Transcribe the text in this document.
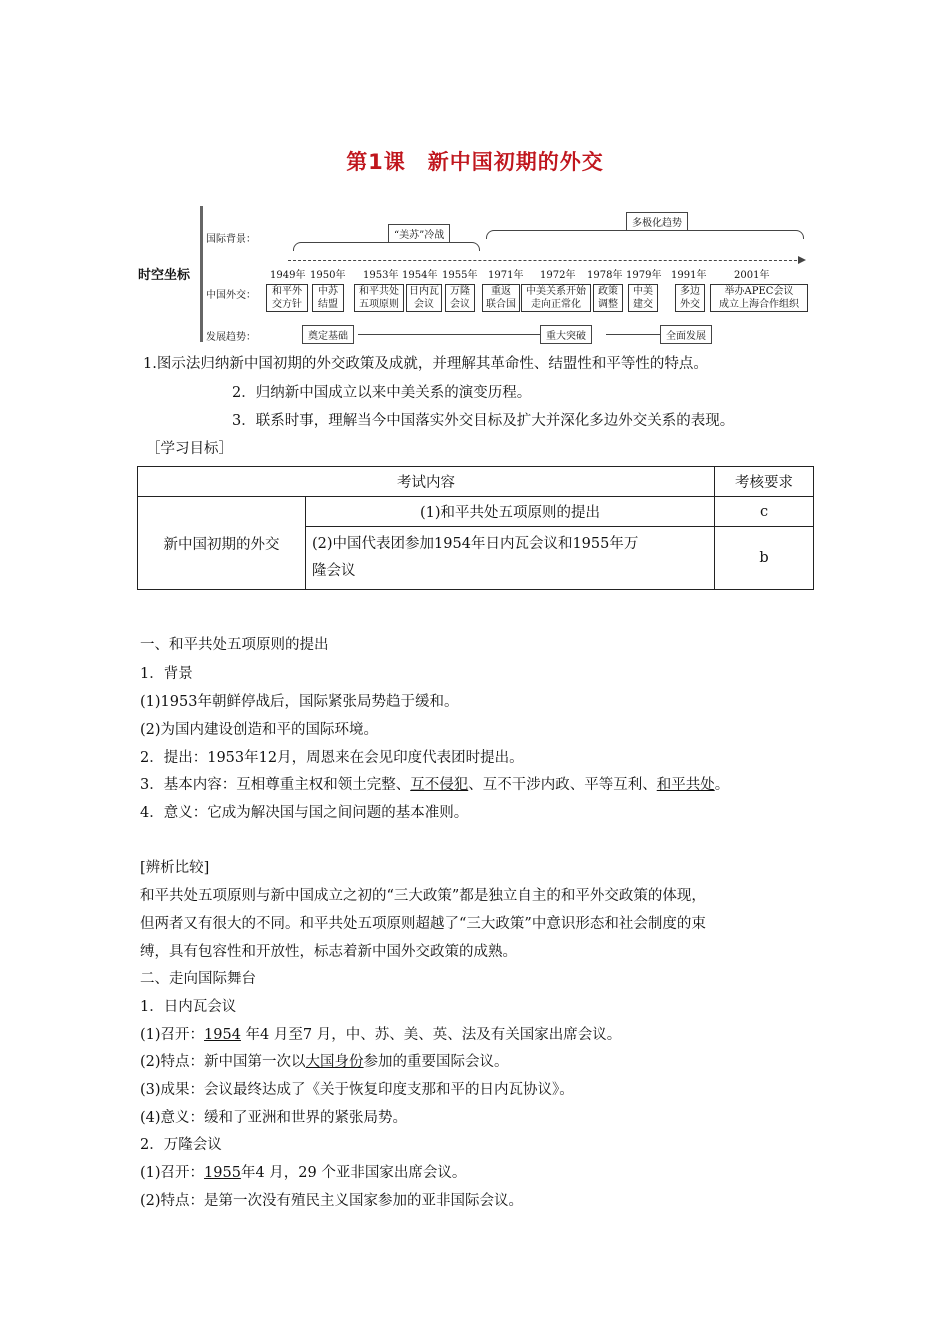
第1课　新中国初期的外交
时空坐标
国际背景：
中国外交：
发展趋势：
“美苏”冷战
多极化趋势
1949年 1950年 1953年 1954年 1955年 1971年 1972年 1978年 1979年 1991年	2001年
和平外
交方针
中苏
结盟
和平共处
五项原则
日内瓦
会议
万隆
会议
重返
联合国
中美关系开始
走向正常化
政策
调整
中美
建交
多边
外交
举办APEC会议
成立上海合作组织
奠定基础	重大突破	全面发展
1.图示法归纳新中国初期的外交政策及成就，并理解其革命性、结盟性和平等性的特点。
2．归纳新中国成立以来中美关系的演变历程。
3．联系时事，理解当今中国落实外交目标及扩大并深化多边外交关系的表现。
［学习目标］
考试内容		考核要求
新中国初期的外交	(1)和平共处五项原则的提出	c

	(2)中国代表团参加1954年日内瓦会议和1955年万
隆会议	b
一、和平共处五项原则的提出
1．背景
(1)1953年朝鲜停战后，国际紧张局势趋于缓和。
(2)为国内建设创造和平的国际环境。
2．提出：1953年12月，周恩来在会见印度代表团时提出。
3．基本内容：互相尊重主权和领土完整、互不侵犯、互不干涉内政、平等互利、和平共处。
4．意义：它成为解决国与国之间问题的基本准则。
[辨析比较]
和平共处五项原则与新中国成立之初的“三大政策”都是独立自主的和平外交政策的体现，
但两者又有很大的不同。和平共处五项原则超越了“三大政策”中意识形态和社会制度的束
缚，具有包容性和开放性，标志着新中国外交政策的成熟。
二、走向国际舞台
1．日内瓦会议
(1)召开：1954 年4 月至7 月，中、苏、美、英、法及有关国家出席会议。
(2)特点：新中国第一次以大国身份参加的重要国际会议。
(3)成果：会议最终达成了《关于恢复印度支那和平的日内瓦协议》。
(4)意义：缓和了亚洲和世界的紧张局势。
2．万隆会议
(1)召开：1955年4 月，29 个亚非国家出席会议。
(2)特点：是第一次没有殖民主义国家参加的亚非国际会议。
